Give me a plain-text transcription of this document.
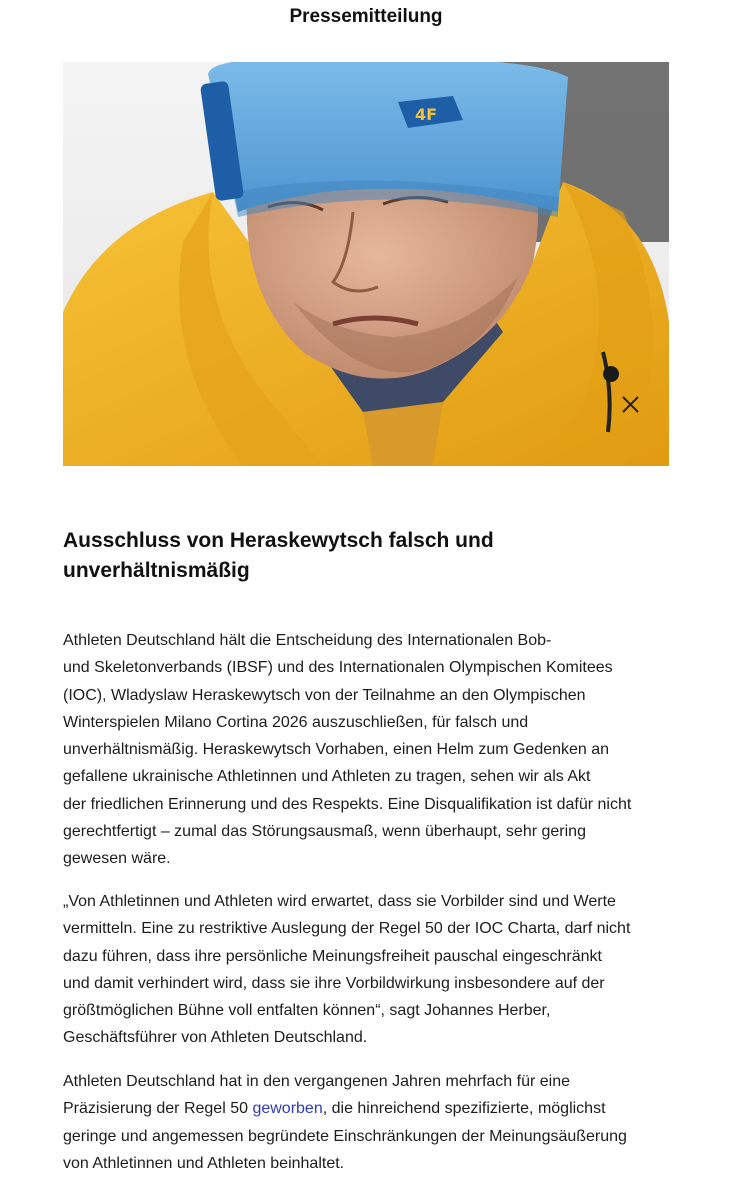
Pressemitteilung
4F
Ausschluss von Heraskewytsch falsch und
unverhältnismäßig
Athleten Deutschland hält die Entscheidung des Internationalen Bob-
und Skeletonverbands (IBSF) und des Internationalen Olympischen Komitees
(IOC), Wladyslaw Heraskewytsch von der Teilnahme an den Olympischen
Winterspielen Milano Cortina 2026 auszuschließen, für falsch und
unverhältnismäßig. Heraskewytsch Vorhaben, einen Helm zum Gedenken an
gefallene ukrainische Athletinnen und Athleten zu tragen, sehen wir als Akt
der friedlichen Erinnerung und des Respekts. Eine Disqualifikation ist dafür nicht
gerechtfertigt – zumal das Störungsausmaß, wenn überhaupt, sehr gering
gewesen wäre.
„Von Athletinnen und Athleten wird erwartet, dass sie Vorbilder sind und Werte
vermitteln. Eine zu restriktive Auslegung der Regel 50 der IOC Charta, darf nicht
dazu führen, dass ihre persönliche Meinungsfreiheit pauschal eingeschränkt
und damit verhindert wird, dass sie ihre Vorbildwirkung insbesondere auf der
größtmöglichen Bühne voll entfalten können“, sagt Johannes Herber,
Geschäftsführer von Athleten Deutschland.
Athleten Deutschland hat in den vergangenen Jahren mehrfach für eine
Präzisierung der Regel 50 geworben, die hinreichend spezifizierte, möglichst
geringe und angemessen begründete Einschränkungen der Meinungsäußerung
von Athletinnen und Athleten beinhaltet.
